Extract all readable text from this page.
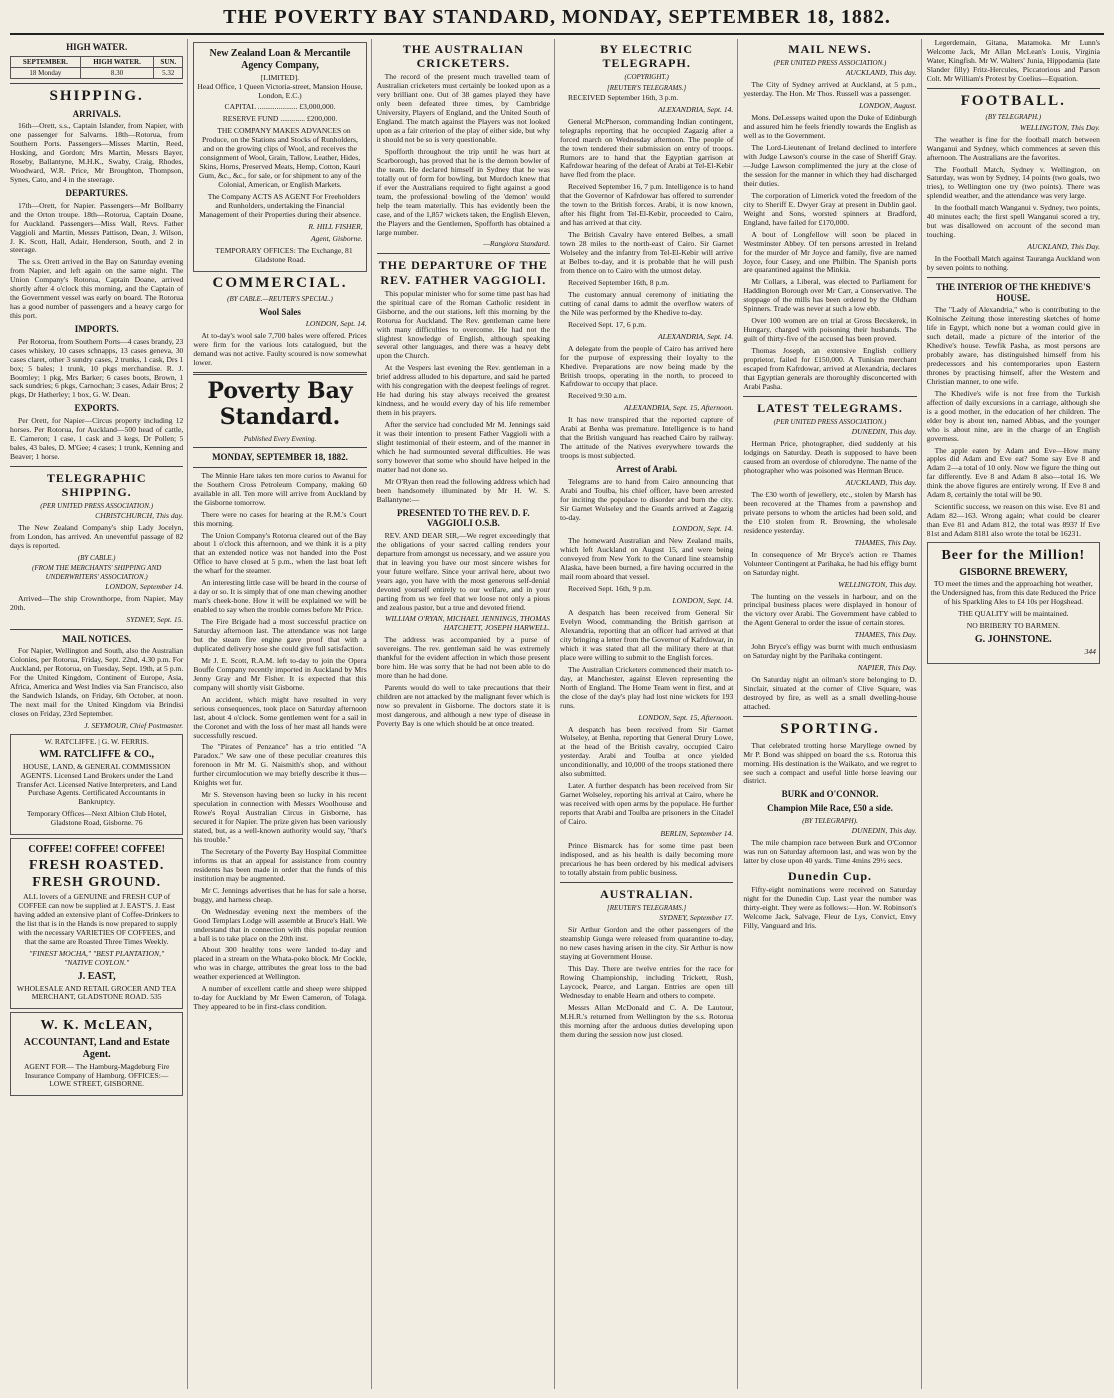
THE POVERTY BAY STANDARD, MONDAY, SEPTEMBER 18, 1882.
HIGH WATER.
SEPTEMBER.	HIGH WATER.	SUN.
18 Monday	8.30	5.32
SHIPPING.
ARRIVALS.

16th—Orett, s.s., Captain Islander, from Napier, with one passenger for Salvarns. 18th—Rotorua, from Southern Ports. Passengers—Misses Martin, Reed, Hosking, and Gordon; Mrs Martin, Messrs Bayer, Roseby, Ballantyne, M.H.K., Swaby, Craig, Rhodes, Woodward, W.R. Price, Mr Broughton, Thompson, Synes, Cato, and 4 in the steerage.

DEPARTURES.

17th—Orett, for Napier. Passengers—Mr Bollbarry and the Orton troupe. 18th—Rotorua, Captain Doane, for Auckland. Passengers—Miss Wall, Revs. Father Vaggioli and Martin, Messrs Pattison, Dean, J. Wilson, J. K. Scott, Hall, Adair, Henderson, South, and 2 in steerage.

The s.s. Orett arrived in the Bay on Saturday evening from Napier, and left again on the same night. The Union Company's Rotorua, Captain Doane, arrived shortly after 4 o'clock this morning, and the Captain of the Government vessel was early on board. The Rotorua has a good number of passengers and a heavy cargo for this port.

IMPORTS.

Per Rotorua, from Southern Ports—4 cases brandy, 23 cases whiskey, 10 cases schnapps, 13 cases geneva, 30 cases claret, other 3 sundry cases, 2 trunks, 1 cask, Drs 1 box; 5 bales; 1 trunk, 10 pkgs merchandise. R. J. Boomley; 1 pkg, Mrs Barker; 6 cases boots, Brown, 1 sack sundries; 6 pkgs, Carnochan; 3 cases, Adair Bros; 2 pkgs, Dr Hatherley; 1 box, G. W. Dean.

EXPORTS.

Per Orett, for Napier—Circus property including 12 horses. Per Rotorua, for Auckland—500 head of cattle, E. Cameron; 1 case, 1 cask and 3 kegs, Dr Pollen; 5 bales, 43 bales, D. M'Gee; 4 cases; 1 trunk, Kenning and Beaver; 1 horse.

TELEGRAPHIC SHIPPING.
(PER UNITED PRESS ASSOCIATION.)

CHRISTCHURCH, This day.

The New Zealand Company's ship Lady Jocelyn, from London, has arrived. An uneventful passage of 82 days is reported.

(BY CABLE.)
(FROM THE MERCHANTS' SHIPPING AND UNDERWRITERS' ASSOCIATION.)

LONDON, September 14.

Arrived—The ship Crownthorpe, from Napier, May 20th.

SYDNEY, Sept. 15.

MAIL NOTICES.

For Napier, Wellington and South, also the Australian Colonies, per Rotorua, Friday, Sept. 22nd, 4.30 p.m. For Auckland, per Rotorua, on Tuesday, Sept. 19th, at 5 p.m. For the United Kingdom, Continent of Europe, Asia, Africa, America and West Indies via San Francisco, also the Sandwich Islands, on Friday, 6th October, at noon. The next mail for the United Kingdom via Brindisi closes on Friday, 23rd September.

J. SEYMOUR, Chief Postmaster.

W. RATCLIFFE. | G. W. FERRIS.
WM. RATCLIFFE & CO.,

HOUSE, LAND, & GENERAL COMMISSION AGENTS. Licensed Land Brokers under the Land Transfer Act. Licensed Native Interpreters, and Land Purchase Agents. Certificated Accountants in Bankruptcy.

Temporary Offices—Next Albion Club Hotel, Gladstone Road, Gisborne. 76

COFFEE! COFFEE! COFFEE!
FRESH ROASTED. FRESH GROUND.

ALL lovers of a GENUINE and FRESH CUP of COFFEE can now be supplied at J. EAST'S. J. East having added an extensive plant of Coffee-Drinkers to the list that is in the Hands is now prepared to supply with the necessary VARIETIES OF COFFEES, and that the same are Roasted Three Times Weekly.

"FINEST MOCHA," "BEST PLANTATION," "NATIVE COYLON."

J. EAST,

WHOLESALE AND RETAIL GROCER AND TEA MERCHANT, GLADSTONE ROAD. 535

W. K. McLEAN,
ACCOUNTANT, Land and Estate Agent.

AGENT FOR— The Hamburg-Magdeburg Fire Insurance Company of Hamburg. OFFICES:—LOWE STREET, GISBORNE.

New Zealand Loan & Mercantile Agency Company,
[LIMITED].

Head Office, 1 Queen Victoria-street, Mansion House, London, E.C.)

CAPITAL ..................... £3,000,000.

RESERVE FUND ............. £200,000.

THE COMPANY MAKES ADVANCES on Produce, on the Stations and Stocks of Runholders, and on the growing clips of Wool, and receives the consignment of Wool, Grain, Tallow, Leather, Hides, Skins, Horns, Preserved Meats, Hemp, Cotton, Kauri Gum, &c., &c., for sale, or for shipment to any of the Colonial, American, or English Markets.

The Company ACTS AS AGENT For Freeholders and Runholders, undertaking the Financial Management of their Properties during their absence.

R. HILL FISHER,

Agent, Gisborne.

TEMPORARY OFFICES: The Exchange, 81 Gladstone Road.

COMMERCIAL.
(BY CABLE.—REUTER'S SPECIAL.)
Wool Sales

LONDON, Sept. 14.

At to-day's wool sale 7,700 bales were offered. Prices were firm for the various lots catalogued, but the demand was not active. Faulty scoured is now somewhat lower.

Poverty Bay Standard.
Published Every Evening.
MONDAY, SEPTEMBER 18, 1882.

The Minnie Hare takes ten more curios to Awanui for the Southern Cross Petroleum Company, making 60 available in all. Ten more will arrive from Auckland by the Gisborne tomorrow.

There were no cases for hearing at the R.M.'s Court this morning.

The Union Company's Rotorua cleared out of the Bay about 1 o'clock this afternoon, and we think it is a pity that an extended notice was not handed into the Post Office to have closed at 5 p.m., when the last boat left the wharf for the steamer.

An interesting little case will be heard in the course of a day or so. It is simply that of one man chewing another man's cheek-bone. How it will be explained we will be enabled to say when the trouble comes before Mr Price.

The Fire Brigade had a most successful practice on Saturday afternoon last. The attendance was not large but the steam fire engine gave proof that with a duplicated delivery hose she could give full satisfaction.

Mr J. E. Scott, R.A.M. left to-day to join the Opera Bouffe Company recently imported in Auckland by Mrs Jenny Gray and Mr Fisher. It is expected that this company will shortly visit Gisborne.

An accident, which might have resulted in very serious consequences, took place on Saturday afternoon last, about 4 o'clock. Some gentlemen went for a sail in the Coronet and with the loss of her mast all hands were successfully rescued.

The "Pirates of Penzance" has a trio entitled "A Paradox." We saw one of these peculiar creatures this forenoon in Mr M. G. Naismith's shop, and without further circumlocution we may briefly describe it thus—Knights wet fur.

Mr S. Stevenson having been so lucky in his recent speculation in connection with Messrs Woolhouse and Rowe's Royal Australian Circus in Gisborne, has secured it for Napier. The prize given has been variously stated, but, as a well-known authority would say, "that's his trouble."

The Secretary of the Poverty Bay Hospital Committee informs us that an appeal for assistance from country residents has been made in order that the funds of this institution may be augmented.

Mr C. Jennings advertises that he has for sale a horse, buggy, and harness cheap.

On Wednesday evening next the members of the Good Templars Lodge will assemble at Bruce's Hall. We understand that in connection with this popular reunion a ball is to take place on the 20th inst.

About 300 healthy tons were landed to-day and placed in a stream on the Whata-poko block. Mr Cockle, who was in charge, attributes the great loss to the bad weather experienced at Wellington.

A number of excellent cattle and sheep were shipped to-day for Auckland by Mr Ewen Cameron, of Tolaga. They appeared to be in first-class condition.

THE AUSTRALIAN CRICKETERS.

The record of the present much travelled team of Australian cricketers must certainly be looked upon as a very brilliant one. Out of 38 games played they have only been defeated three times, by Cambridge University, Players of England, and the United South of England. The match against the Players was not looked upon as a fair criterion of the play of either side, but why it should not be so is very questionable.

Spofforth throughout the trip until he was hurt at Scarborough, has proved that he is the demon bowler of the team. He declared himself in Sydney that he was totally out of form for bowling, but Murdoch knew that if ever the Australians required to fight against a good team, the professional bowling of the 'demon' would help the team materially. This has evidently been the case, and of the 1,857 wickets taken, the English Eleven, the Players and the Gentlemen, Spofforth has obtained a large number.

—Rangiora Standard.

THE DEPARTURE OF THE REV. FATHER VAGGIOLI.

This popular minister who for some time past has had the spiritual care of the Roman Catholic resident in Gisborne, and the out stations, left this morning by the Rotorua for Auckland. The Rev. gentleman came here with many difficulties to overcome. He had not the slightest knowledge of English, although speaking several other languages, and there was a heavy debt upon the Church.

At the Vespers last evening the Rev. gentleman in a brief address alluded to his departure, and said he parted with his congregation with the deepest feelings of regret. He had during his stay always received the greatest kindness, and he would every day of his life remember them in his prayers.

After the service had concluded Mr M. Jennings said it was their intention to present Father Vaggioli with a slight testimonial of their esteem, and of the manner in which he had surmounted several difficulties. He was sorry however that some who should have helped in the matter had not done so.

Mr O'Ryan then read the following address which had been handsomely illuminated by Mr H. W. S. Ballantyne:—

PRESENTED TO THE REV. D. F. VAGGIOLI O.S.B.

REV. AND DEAR SIR,—We regret exceedingly that the obligations of your sacred calling renders your departure from amongst us necessary, and we assure you that in leaving you have our most sincere wishes for your future welfare. Since your arrival here, about two years ago, you have with the most generous self-denial devoted yourself entirely to our welfare, and in your parting from us we feel that we loose not only a pious and zealous pastor, but a true and devoted friend.

WILLIAM O'RYAN, MICHAEL JENNINGS, THOMAS HATCHETT, JOSEPH HARWELL.

The address was accompanied by a purse of sovereigns. The rev. gentleman said he was extremely thankful for the evident affection in which those present bore him. He was sorry that he had not been able to do more than he had done.

Parents would do well to take precautions that their children are not attacked by the malignant fever which is now so prevalent in Gisborne. The doctors state it is most dangerous, and although a new type of disease in Poverty Bay is one which should be at once treated.

BY ELECTRIC TELEGRAPH.
(COPYRIGHT.)
[REUTER'S TELEGRAMS.]

RECEIVED September 16th, 3 p.m.

ALEXANDRIA, Sept. 14.

General McPherson, commanding Indian contingent, telegraphs reporting that he occupied Zagazig after a forced march on Wednesday afternoon. The people of the town tendered their submission on entry of troops. Rumors are to hand that the Egyptian garrison at Kafrdowar hearing of the defeat of Arabi at Tel-El-Kebir have fled from the place.

Received September 16, 7 p.m. Intelligence is to hand that the Governor of Kafrdowar has offered to surrender the town to the British forces. Arabi, it is now known, after his flight from Tel-El-Kebir, proceeded to Cairo, and has arrived at that city.

The British Cavalry have entered Belbes, a small town 28 miles to the north-east of Cairo. Sir Garnet Wolseley and the infantry from Tel-El-Kebir will arrive at Belbes to-day, and it is probable that he will push from thence on to Cairo with the utmost delay.

Received September 16th, 8 p.m.

The customary annual ceremony of initiating the cutting of canal dams to admit the overflow waters of the Nile was performed by the Khedive to-day.

Received Sept. 17, 6 p.m.

ALEXANDRIA, Sept. 14.

A delegate from the people of Cairo has arrived here for the purpose of expressing their loyalty to the Khedive. Preparations are now being made by the British troops, operating in the north, to proceed to Kafrdowar to occupy that place.

Received 9:30 a.m.

ALEXANDRIA, Sept. 15, Afternoon.

It has now transpired that the reported capture of Arabi at Benha was premature. Intelligence is to hand that the British vanguard has reached Cairo by railway. The attitude of the Natives everywhere towards the troops is most subjected.

Arrest of Arabi.

Telegrams are to hand from Cairo announcing that Arabi and Toulba, his chief officer, have been arrested for inciting the populace to disorder and burn the city. Sir Garnet Wolseley and the Guards arrived at Zagazig to-day.

LONDON, Sept. 14.

The homeward Australian and New Zealand mails, which left Auckland on August 15, and were being conveyed from New York to the Cunard line steamship Alaska, have been burned, a fire having occurred in the mail room aboard that vessel.

Received Sept. 16th, 9 p.m.

LONDON, Sept. 14.

A despatch has been received from General Sir Evelyn Wood, commanding the British garrison at Alexandria, reporting that an officer had arrived at that city bringing a letter from the Governor of Kafrdowar, in which it was stated that all the military there at that place were willing to submit to the English forces.

The Australian Cricketers commenced their match to-day, at Manchester, against Eleven representing the North of England. The Home Team went in first, and at the close of the day's play had lost nine wickets for 193 runs.

LONDON, Sept. 15, Afternoon.

A despatch has been received from Sir Garnet Wolseley, at Benha, reporting that General Drury Lowe, at the head of the British cavalry, occupied Cairo yesterday. Arabi and Toulba at once yielded unconditionally, and 10,000 of the troops stationed there also submitted.

Later. A further despatch has been received from Sir Garnet Wolseley, reporting his arrival at Cairo, where he was received with open arms by the populace. He further reports that Arabi and Toulba are prisoners in the Citadel of Cairo.

BERLIN, September 14.

Prince Bismarck has for some time past been indisposed, and as his health is daily becoming more precarious he has been ordered by his medical advisers to totally abstain from public business.

AUSTRALIAN.
[REUTER'S TELEGRAMS.]

SYDNEY, September 17.

Sir Arthur Gordon and the other passengers of the steamship Gunga were released from quarantine to-day, no new cases having arisen in the city. Sir Arthur is now staying at Government House.

This Day. There are twelve entries for the race for Rowing Championship, including Trickett, Rush, Laycock, Pearce, and Largan. Entries are open till Wednesday to enable Hearn and others to compete.

Messrs Allan McDonald and C. A. De Lautour, M.H.R.'s returned from Wellington by the s.s. Rotorua this morning after the arduous duties developing upon them during the session now just closed.

MAIL NEWS.
(PER UNITED PRESS ASSOCIATION.)

AUCKLAND, This day.

The City of Sydney arrived at Auckland, at 5 p.m., yesterday. The Hon. Mr Thos. Russell was a passenger.

LONDON, August.

Mons. DeLesseps waited upon the Duke of Edinburgh and assured him he feels friendly towards the English as well as to the Government.

The Lord-Lieutenant of Ireland declined to interfere with Judge Lawson's course in the case of Sheriff Gray.—Judge Lawson complimented the jury at the close of the session for the manner in which they had discharged their duties.

The corporation of Limerick voted the freedom of the city to Sheriff E. Dwyer Gray at present in Dublin gaol. Weight and Sons, worsted spinners at Bradford, England, have failed for £170,000.

A bout of Longfellow will soon be placed in Westminster Abbey. Of ten persons arrested in Ireland for the murder of Mr Joyce and family, five are named Joyce, four Casey, and one Philbin. The Spanish ports are quarantined against the Minkia.

Mr Collars, a Liberal, was elected to Parliament for Haddington Borough over Mr Carr, a Conservative. The stoppage of the mills has been ordered by the Oldham Spinners. Trade was never at such a low ebb.

Over 100 women are on trial at Gross Becskerek, in Hungary, charged with poisoning their husbands. The guilt of thirty-five of the accused has been proved.

Thomas Joseph, an extensive English colliery proprietor, failed for £150,000. A Tunisian merchant escaped from Kafrdowar, arrived at Alexandria, declares that Egyptian generals are thoroughly disconcerted with Arabi Pasha.

LATEST TELEGRAMS.
(PER UNITED PRESS ASSOCIATION.)

DUNEDIN, This day.

Herman Price, photographer, died suddenly at his lodgings on Saturday. Death is supposed to have been caused from an overdose of chlorodyne. The name of the photographer who was poisoned was Herman Bruce.

AUCKLAND, This day.

The £30 worth of jewellery, etc., stolen by Marsh has been recovered at the Thames from a pawnshop and private persons to whom the articles had been sold, and the £10 stolen from R. Browning, the wholesale residence yesterday.

THAMES, This Day.

In consequence of Mr Bryce's action re Thames Volunteer Contingent at Parihaka, he had his effigy burnt on Saturday night.

WELLINGTON, This day.

The hunting on the vessels in harbour, and on the principal business places were displayed in honour of the victory over Arabi. The Government have cabled to the Agent General to order the issue of certain stores.

THAMES, This Day.

John Bryce's effigy was burnt with much enthusiasm on Saturday night by the Parihaka contingent.

NAPIER, This Day.

On Saturday night an oilman's store belonging to D. Sinclair, situated at the corner of Clive Square, was destroyed by fire, as well as a small dwelling-house attached.

SPORTING.

That celebrated trotting horse Maryllege owned by Mr P. Bond was shipped on board the s.s. Rotorua this morning. His destination is the Waikato, and we regret to see such a compact and useful little horse leaving our district.

BURK and O'CONNOR.
Champion Mile Race, £50 a side.
(BY TELEGRAPH).

DUNEDIN, This day.

The mile champion race between Burk and O'Connor was run on Saturday afternoon last, and was won by the latter by close upon 40 yards. Time 4mins 29½ secs.

Dunedin Cup.

Fifty-eight nominations were received on Saturday night for the Dunedin Cup. Last year the number was thirty-eight. They were as follows:—Hon. W. Robinson's Welcome Jack, Salvage, Fleur de Lys, Convict, Envy Filly, Vanguard and Iris.

Legerdemain, Gitana, Matamoka. Mr Lunn's Welcome Jack, Mr Allan McLean's Louis, Virginia Water, Kingfish. Mr W. Walters' Junia, Hippodamia (late Slander filly) Fritz-Hercules, Piccatorious and Parson Colt. Mr William's Protest by Coelius—Equation.

FOOTBALL.
(BY TELEGRAPH.)

WELLINGTON, This Day.

The weather is fine for the football match between Wanganui and Sydney, which commences at seven this afternoon. The Australians are the favorites.

The Football Match, Sydney v. Wellington, on Saturday, was won by Sydney, 14 points (two goals, two tries), to Wellington one try (two points). There was splendid weather, and the attendance was very large.

In the football match Wanganui v. Sydney, two points, 40 minutes each; the first spell Wanganui scored a try, but was disallowed on account of the second man touching.

AUCKLAND, This Day.

In the Football Match against Tauranga Auckland won by seven points to nothing.

THE INTERIOR OF THE KHEDIVE'S HOUSE.

The "Lady of Alexandria," who is contributing to the Kolnische Zeitung those interesting sketches of home life in Egypt, which none but a woman could give in such detail, made a picture of the interior of the Khedive's house. Tewfik Pasha, as most persons are probably aware, has distinguished himself from his predecessors and his contemporaries upon Eastern thrones by practising himself, after the Western and Christian manner, to one wife.

The Khedive's wife is not free from the Turkish affection of daily excursions in a carriage, although she is a good mother, in the education of her children. The elder boy is about ten, named Abbas, and the younger who is about nine, are in the charge of an English governess.

The apple eaten by Adam and Eve—How many apples did Adam and Eve eat? Some say Eve 8 and Adam 2—a total of 10 only. Now we figure the thing out far differently. Eve 8 and Adam 8 also—total 16. We think the above figures are entirely wrong. If Eve 8 and Adam 8, certainly the total will be 90.

Scientific success, we reason on this wise. Eve 81 and Adam 82—163. Wrong again; what could be clearer than Eve 81 and Adam 812, the total was 893? If Eve 81st and Adam 8181 also wrote the total be 16231.

Beer for the Million!
GISBORNE BREWERY,

TO meet the times and the approaching hot weather, the Undersigned has, from this date Reduced the Price of his Sparkling Ales to £4 10s per Hogshead.

THE QUALITY will be maintained.

NO BRIBERY TO BARMEN.

G. JOHNSTONE.

344
